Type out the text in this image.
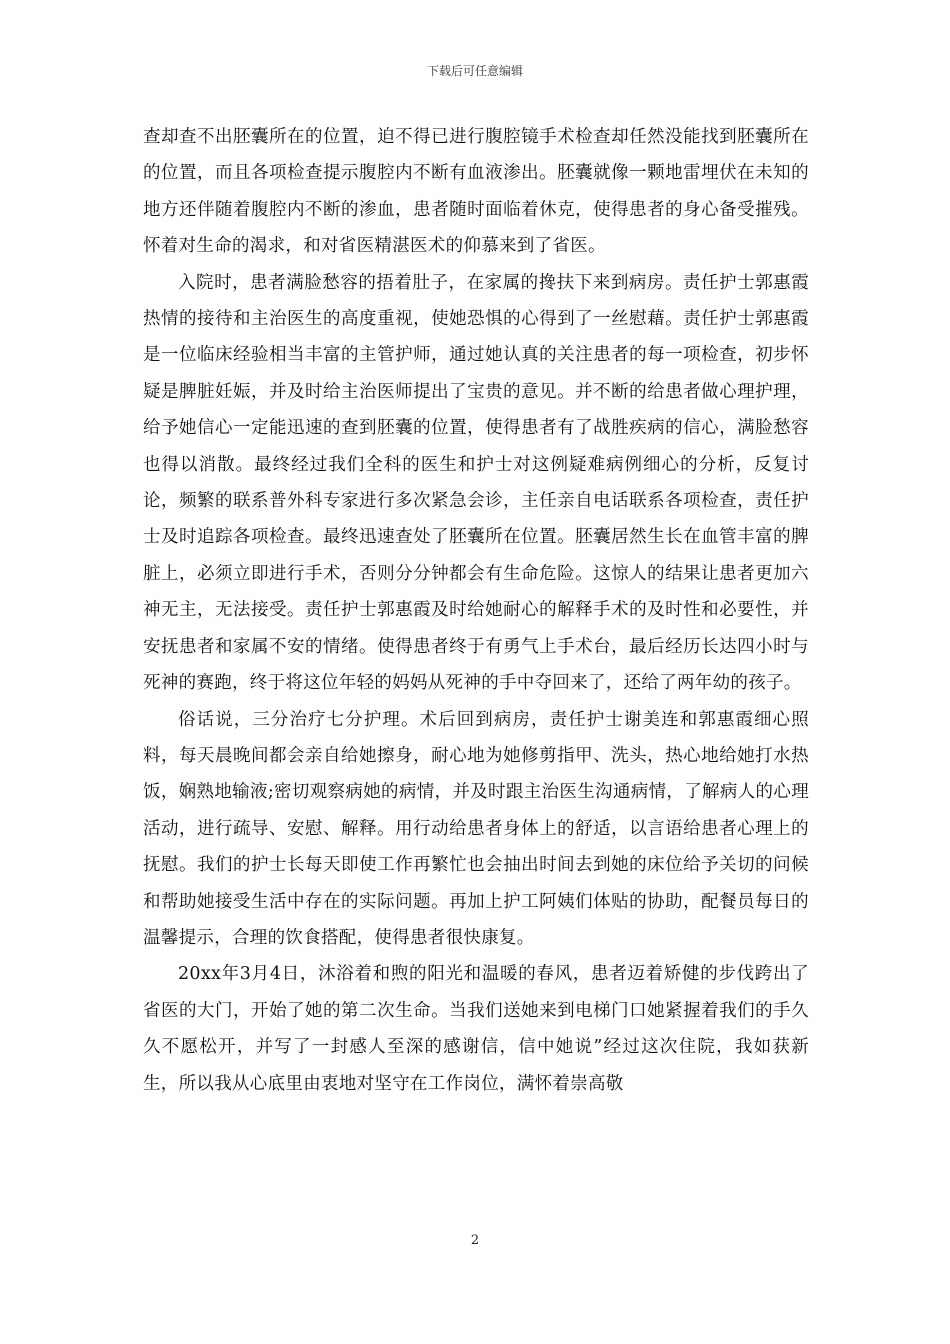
下载后可任意编辑

查却查不出胚囊所在的位置，迫不得已进行腹腔镜手术检查却任然没能找到胚囊所在的位置，而且各项检查提示腹腔内不断有血液渗出。胚囊就像一颗地雷埋伏在未知的地方还伴随着腹腔内不断的渗血，患者随时面临着休克，使得患者的身心备受摧残。怀着对生命的渴求，和对省医精湛医术的仰慕来到了省医。

入院时，患者满脸愁容的捂着肚子，在家属的搀扶下来到病房。责任护士郭惠霞热情的接待和主治医生的高度重视，使她恐惧的心得到了一丝慰藉。责任护士郭惠霞是一位临床经验相当丰富的主管护师，通过她认真的关注患者的每一项检查，初步怀疑是脾脏妊娠，并及时给主治医师提出了宝贵的意见。并不断的给患者做心理护理，给予她信心一定能迅速的查到胚囊的位置，使得患者有了战胜疾病的信心，满脸愁容也得以消散。最终经过我们全科的医生和护士对这例疑难病例细心的分析，反复讨论，频繁的联系普外科专家进行多次紧急会诊，主任亲自电话联系各项检查，责任护士及时追踪各项检查。最终迅速查处了胚囊所在位置。胚囊居然生长在血管丰富的脾脏上，必须立即进行手术，否则分分钟都会有生命危险。这惊人的结果让患者更加六神无主，无法接受。责任护士郭惠霞及时给她耐心的解释手术的及时性和必要性，并安抚患者和家属不安的情绪。使得患者终于有勇气上手术台，最后经历长达四小时与死神的赛跑，终于将这位年轻的妈妈从死神的手中夺回来了，还给了两年幼的孩子。

俗话说，三分治疗七分护理。术后回到病房，责任护士谢美连和郭惠霞细心照料，每天晨晚间都会亲自给她擦身，耐心地为她修剪指甲、洗头，热心地给她打水热饭，娴熟地输液;密切观察病她的病情，并及时跟主治医生沟通病情，了解病人的心理活动，进行疏导、安慰、解释。用行动给患者身体上的舒适，以言语给患者心理上的抚慰。我们的护士长每天即使工作再繁忙也会抽出时间去到她的床位给予关切的问候和帮助她接受生活中存在的实际问题。再加上护工阿姨们体贴的协助，配餐员每日的温馨提示，合理的饮食搭配，使得患者很快康复。

20xx年3月4日，沐浴着和煦的阳光和温暖的春风，患者迈着矫健的步伐跨出了省医的大门，开始了她的第二次生命。当我们送她来到电梯门口她紧握着我们的手久久不愿松开，并写了一封感人至深的感谢信，信中她说”经过这次住院，我如获新生，所以我从心底里由衷地对坚守在工作岗位，满怀着崇高敬

2
